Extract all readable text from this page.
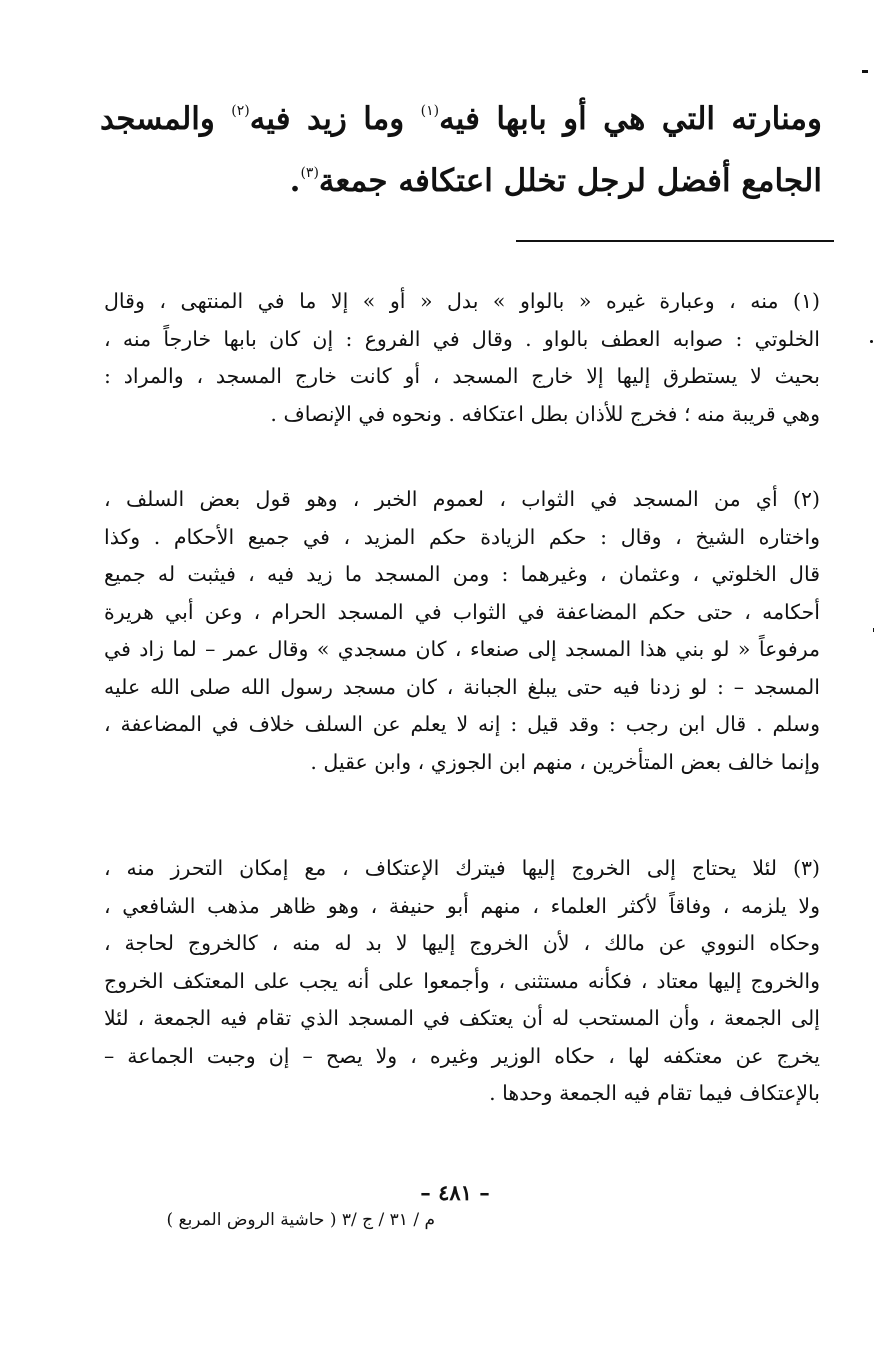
ومنارته التي هي أو بابها فيه$^{(١)}$ وما زيد فيه$^{(٢)}$ والمسجد
الجامع أفضل لرجل تخلل اعتكافه جمعة$^{(٣)}$.
(١) منه ، وعبارة غيره « بالواو » بدل « أو » إلا ما في المنتهى ، وقال
الخلوتي : صوابه العطف بالواو . وقال في الفروع : إن كان بابها خارجاً منه ،
بحيث لا يستطرق إليها إلا خارج المسجد ، أو كانت خارج المسجد ، والمراد :
وهي قريبة منه ؛ فخرج للأذان بطل اعتكافه . ونحوه في الإنصاف .
(٢) أي من المسجد في الثواب ، لعموم الخبر ، وهو قول بعض السلف ،
واختاره الشيخ ، وقال : حكم الزيادة حكم المزيد ، في جميع الأحكام . وكذا
قال الخلوتي ، وعثمان ، وغيرهما : ومن المسجد ما زيد فيه ، فيثبت له جميع
أحكامه ، حتى حكم المضاعفة في الثواب في المسجد الحرام ، وعن أبي هريرة
مرفوعاً « لو بني هذا المسجد إلى صنعاء ، كان مسجدي » وقال عمر – لما زاد في
المسجد – : لو زدنا فيه حتى يبلغ الجبانة ، كان مسجد رسول الله صلى الله عليه
وسلم . قال ابن رجب : وقد قيل : إنه لا يعلم عن السلف خلاف في المضاعفة ،
وإنما خالف بعض المتأخرين ، منهم ابن الجوزي ، وابن عقيل .
(٣) لئلا يحتاج إلى الخروج إليها فيترك الإعتكاف ، مع إمكان التحرز منه ،
ولا يلزمه ، وفاقاً لأكثر العلماء ، منهم أبو حنيفة ، وهو ظاهر مذهب الشافعي ،
وحكاه النووي عن مالك ، لأن الخروج إليها لا بد له منه ، كالخروج لحاجة ،
والخروج إليها معتاد ، فكأنه مستثنى ، وأجمعوا على أنه يجب على المعتكف الخروج
إلى الجمعة ، وأن المستحب له أن يعتكف في المسجد الذي تقام فيه الجمعة ، لئلا
يخرج عن معتكفه لها ، حكاه الوزير وغيره ، ولا يصح – إن وجبت الجماعة –
بالإعتكاف فيما تقام فيه الجمعة وحدها .
– ٤٨١ –
م / ٣١ / ج /٣ ( حاشية الروض المربع )
